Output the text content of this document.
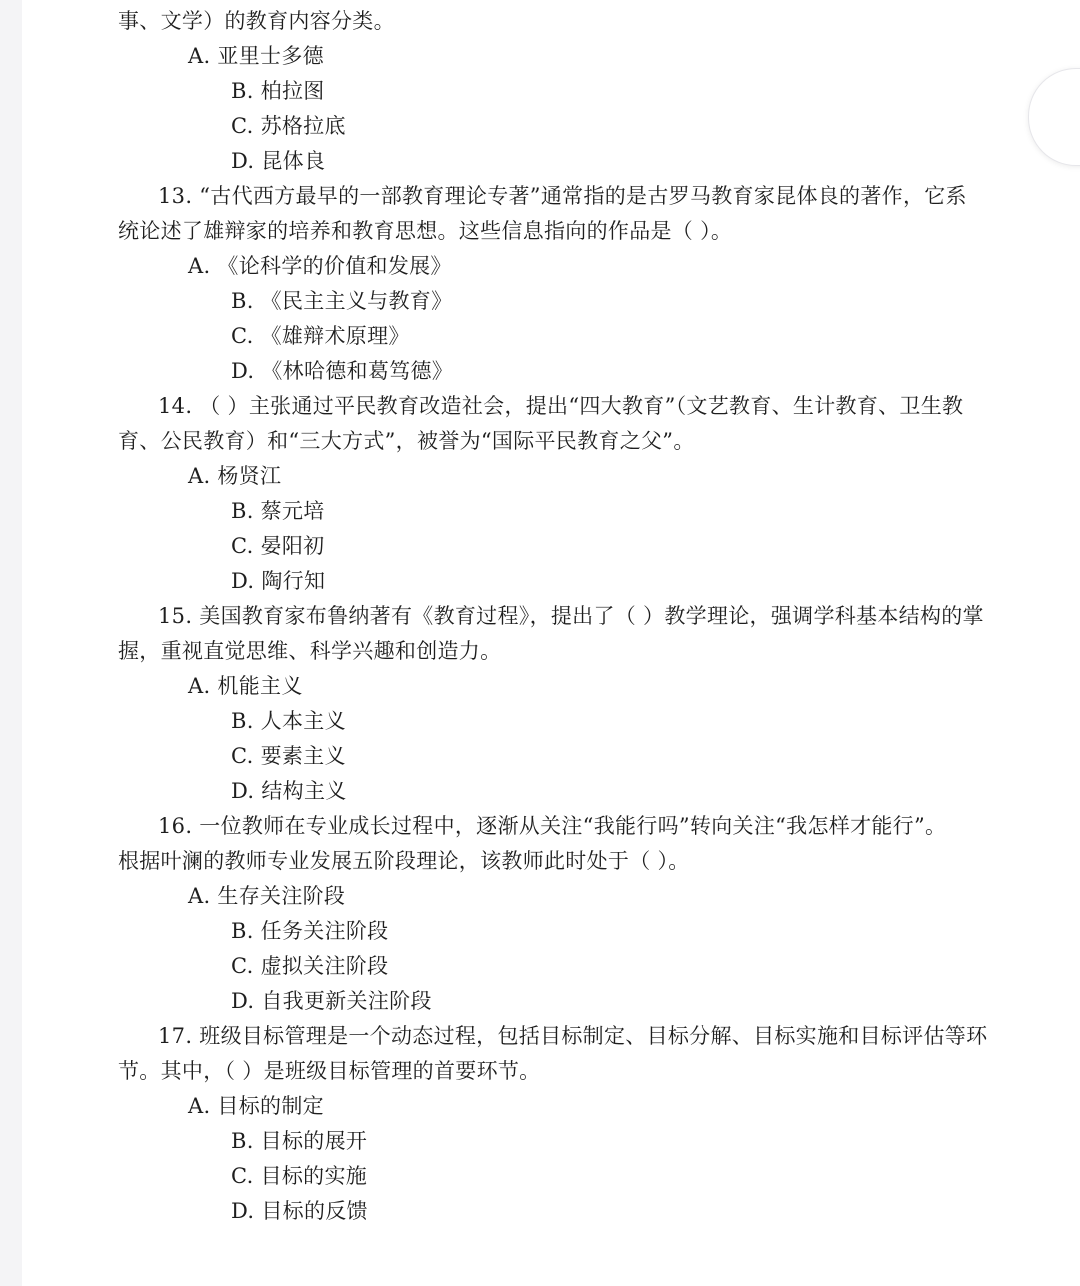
事、文学）的教育内容分类。
A. 亚里士多德
B. 柏拉图
C. 苏格拉底
D. 昆体良
13. “古代西方最早的一部教育理论专著”通常指的是古罗马教育家昆体良的著作，它系
统论述了雄辩家的培养和教育思想。这些信息指向的作品是（ ）。
A. 《论科学的价值和发展》
B. 《民主主义与教育》
C. 《雄辩术原理》
D. 《林哈德和葛笃德》
14. （ ）主张通过平民教育改造社会，提出“四大教育”（文艺教育、生计教育、卫生教
育、公民教育）和“三大方式”，被誉为“国际平民教育之父”。
A. 杨贤江
B. 蔡元培
C. 晏阳初
D. 陶行知
15. 美国教育家布鲁纳著有《教育过程》，提出了（ ）教学理论，强调学科基本结构的掌
握，重视直觉思维、科学兴趣和创造力。
A. 机能主义
B. 人本主义
C. 要素主义
D. 结构主义
16. 一位教师在专业成长过程中，逐渐从关注“我能行吗”转向关注“我怎样才能行”。
根据叶澜的教师专业发展五阶段理论，该教师此时处于（ ）。
A. 生存关注阶段
B. 任务关注阶段
C. 虚拟关注阶段
D. 自我更新关注阶段
17. 班级目标管理是一个动态过程，包括目标制定、目标分解、目标实施和目标评估等环
节。其中，（ ）是班级目标管理的首要环节。
A. 目标的制定
B. 目标的展开
C. 目标的实施
D. 目标的反馈
